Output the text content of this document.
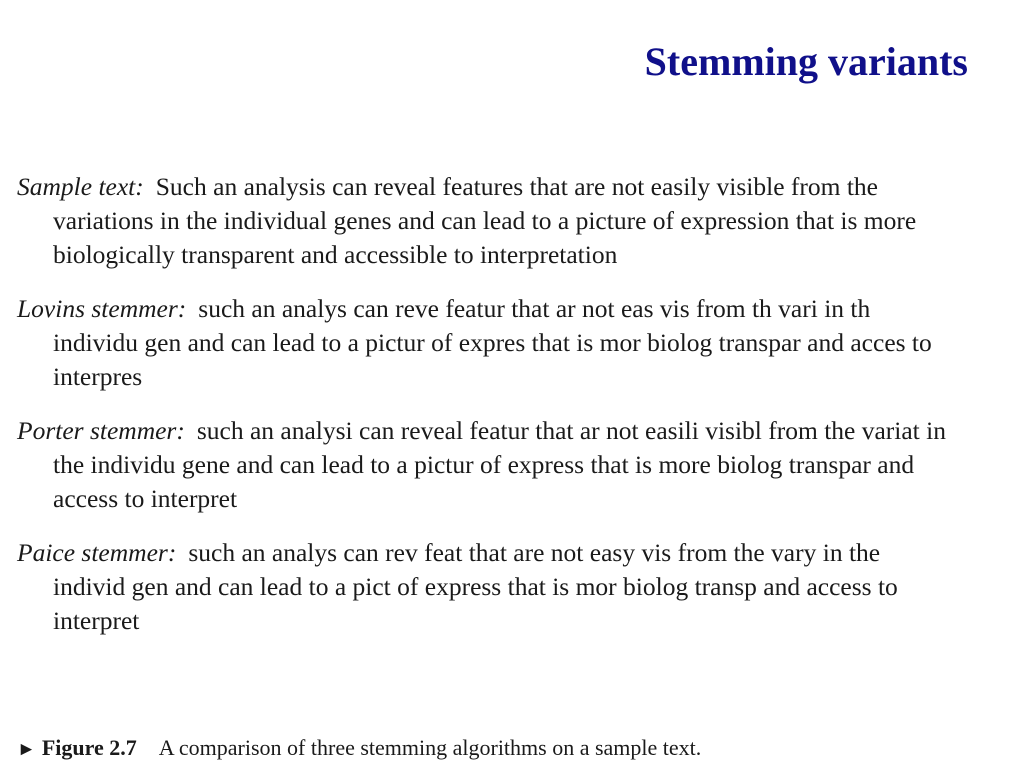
Stemming variants

Sample text: Such an analysis can reveal features that are not easily visible from the variations in the individual genes and can lead to a picture of expression that is more biologically transparent and accessible to interpretation

Lovins stemmer: such an analys can reve featur that ar not eas vis from th vari in th individu gen and can lead to a pictur of expres that is mor biolog transpar and acces to interpres

Porter stemmer: such an analysi can reveal featur that ar not easili visibl from the variat in the individu gene and can lead to a pictur of express that is more biolog transpar and access to interpret

Paice stemmer: such an analys can rev feat that are not easy vis from the vary in the individ gen and can lead to a pict of express that is mor biolog transp and access to interpret

► Figure 2.7 A comparison of three stemming algorithms on a sample text.
